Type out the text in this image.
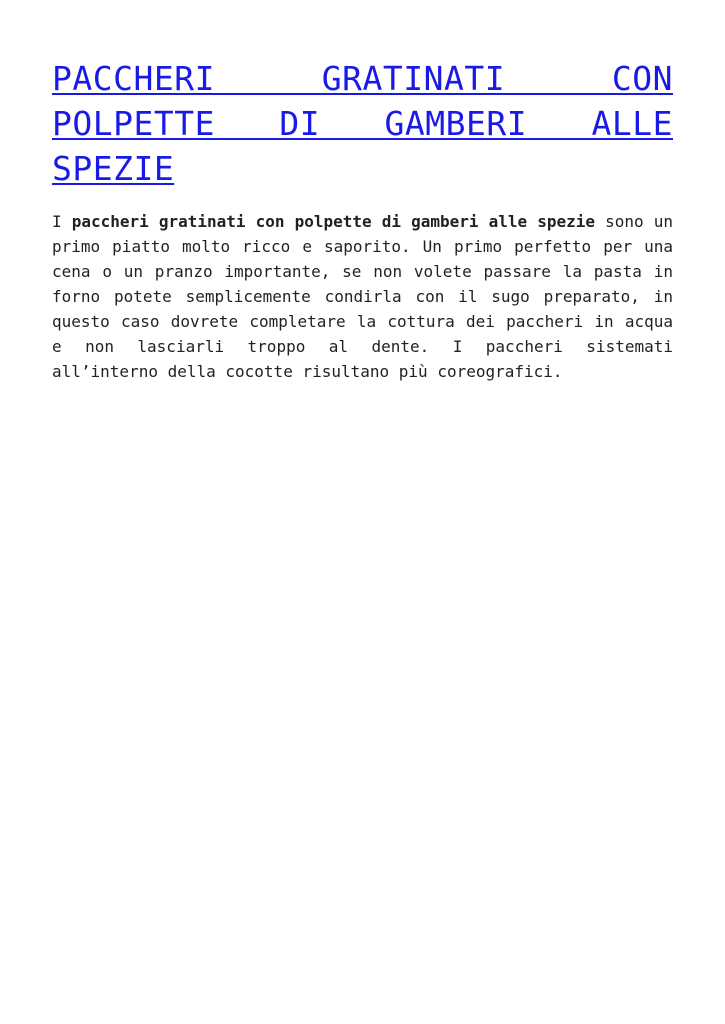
PACCHERI GRATINATI CON POLPETTE DI GAMBERI ALLE SPEZIE

I paccheri gratinati con polpette di gamberi alle spezie sono un primo piatto molto ricco e saporito. Un primo perfetto per una cena o un pranzo importante, se non volete passare la pasta in forno potete semplicemente condirla con il sugo preparato, in questo caso dovrete completare la cottura dei paccheri in acqua e non lasciarli troppo al dente. I paccheri sistemati all’interno della cocotte risultano più coreografici.
